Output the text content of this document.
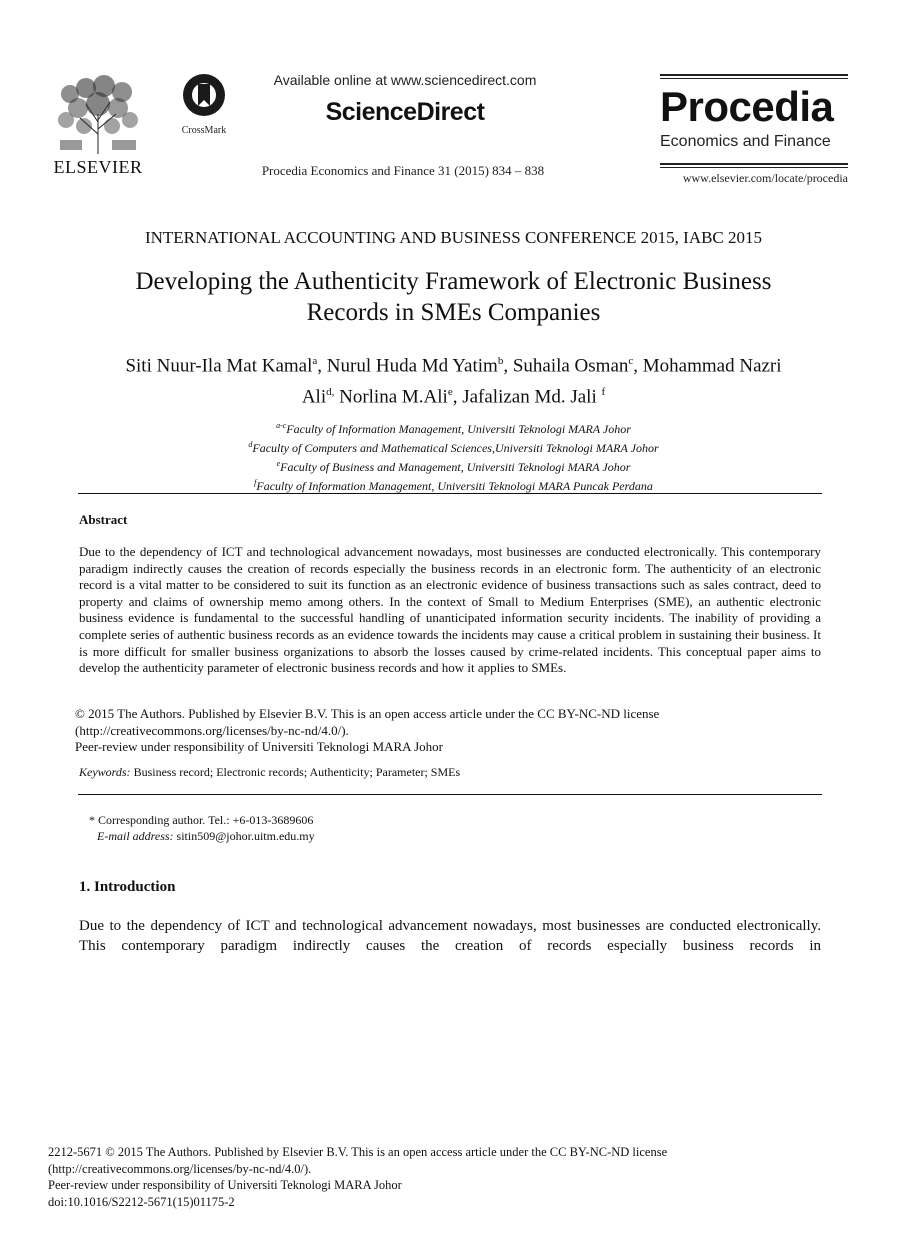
ELSEVIER
CrossMark
Available online at www.sciencedirect.com
ScienceDirect
Procedia Economics and Finance 31 (2015) 834 – 838
Procedia
Economics and Finance
www.elsevier.com/locate/procedia
INTERNATIONAL ACCOUNTING AND BUSINESS CONFERENCE 2015, IABC 2015
Developing the Authenticity Framework of Electronic Business
Records in SMEs Companies
Siti Nuur-Ila Mat Kamal$^a$, Nurul Huda Md Yatim$^b$, Suhaila Osman$^c$, Mohammad Nazri
Ali$^{d,}$ Norlina M.Ali$^e$, Jafalizan Md. Jali $^f$
$^{a-c}$Faculty of Information Management, Universiti Teknologi MARA Johor
$^d$Faculty of Computers and Mathematical Sciences,Universiti Teknologi MARA Johor
$^e$Faculty of Business and Management, Universiti Teknologi MARA Johor
$^f$Faculty of Information Management, Universiti Teknologi MARA Puncak Perdana
Abstract
Due to the dependency of ICT and technological advancement nowadays, most businesses are conducted electronically. This contemporary paradigm indirectly causes the creation of records especially the business records in an electronic form. The authenticity of an electronic record is a vital matter to be considered to suit its function as an electronic evidence of business transactions such as sales contract, deed to property and claims of ownership memo among others. In the context of Small to Medium Enterprises (SME), an authentic electronic business evidence is fundamental to the successful handling of unanticipated information security incidents. The inability of providing a complete series of authentic business records as an evidence towards the incidents may cause a critical problem in sustaining their business. It is more difficult for smaller business organizations to absorb the losses caused by crime-related incidents. This conceptual paper aims to develop the authenticity parameter of electronic business records and how it applies to SMEs.
© 2015 The Authors. Published by Elsevier B.V. This is an open access article under the CC BY-NC-ND license
(http://creativecommons.org/licenses/by-nc-nd/4.0/).
Peer-review under responsibility of Universiti Teknologi MARA Johor
Keywords: Business record; Electronic records; Authenticity; Parameter; SMEs
* Corresponding author. Tel.: +6-013-3689606
E-mail address: sitin509@johor.uitm.edu.my
1. Introduction
Due to the dependency of ICT and technological advancement nowadays, most businesses are conducted electronically. This contemporary paradigm indirectly causes the creation of records especially business records in
2212-5671 © 2015 The Authors. Published by Elsevier B.V. This is an open access article under the CC BY-NC-ND license
(http://creativecommons.org/licenses/by-nc-nd/4.0/).
Peer-review under responsibility of Universiti Teknologi MARA Johor
doi:10.1016/S2212-5671(15)01175-2
